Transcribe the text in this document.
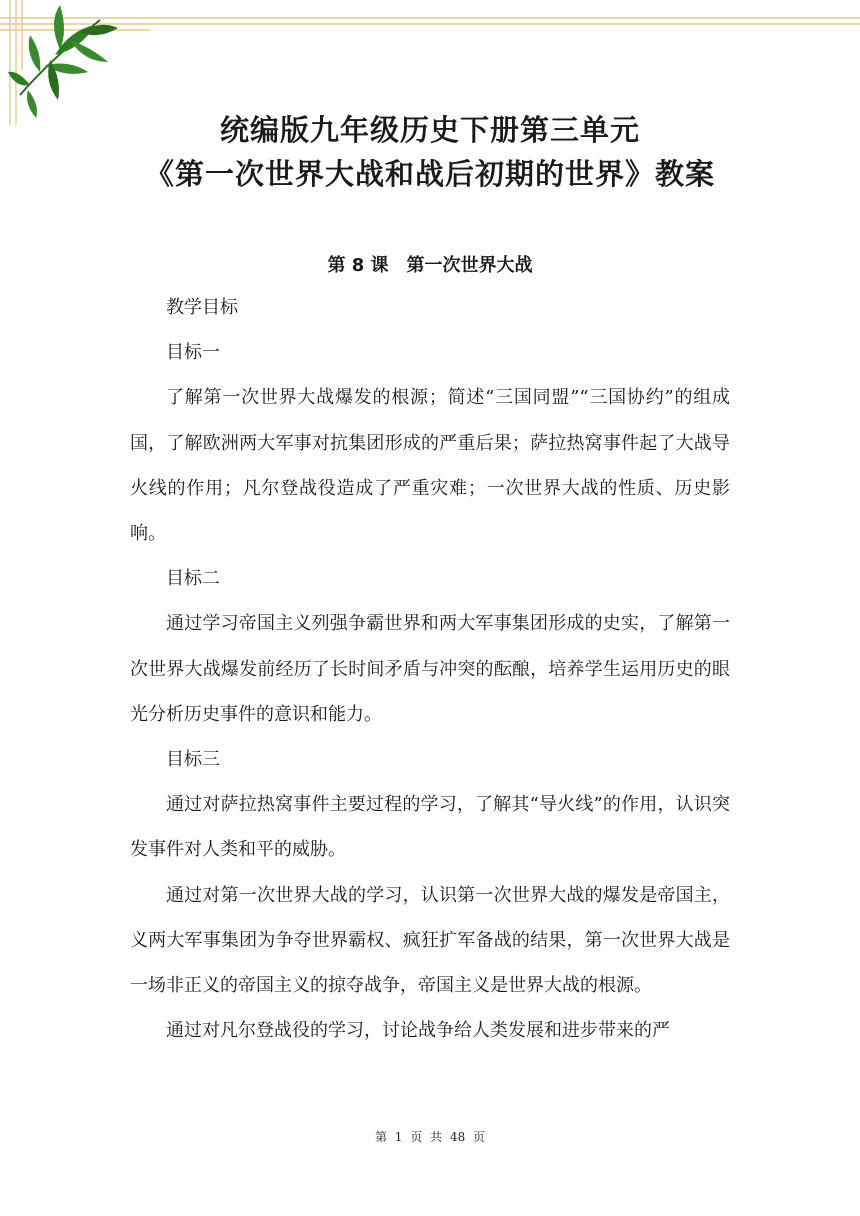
统编版九年级历史下册第三单元
《第一次世界大战和战后初期的世界》教案
第 8 课　第一次世界大战

教学目标

目标一

了解第一次世界大战爆发的根源；简述“三国同盟”“三国协约”的组成国，了解欧洲两大军事对抗集团形成的严重后果；萨拉热窝事件起了大战导火线的作用；凡尔登战役造成了严重灾难；一次世界大战的性质、历史影响。

目标二

通过学习帝国主义列强争霸世界和两大军事集团形成的史实，了解第一次世界大战爆发前经历了长时间矛盾与冲突的酝酿，培养学生运用历史的眼光分析历史事件的意识和能力。

目标三

通过对萨拉热窝事件主要过程的学习，了解其“导火线”的作用，认识突发事件对人类和平的威胁。

通过对第一次世界大战的学习，认识第一次世界大战的爆发是帝国主，义两大军事集团为争夺世界霸权、疯狂扩军备战的结果，第一次世界大战是一场非正义的帝国主义的掠夺战争，帝国主义是世界大战的根源。

通过对凡尔登战役的学习，讨论战争给人类发展和进步带来的严

第 1 页 共 48 页
